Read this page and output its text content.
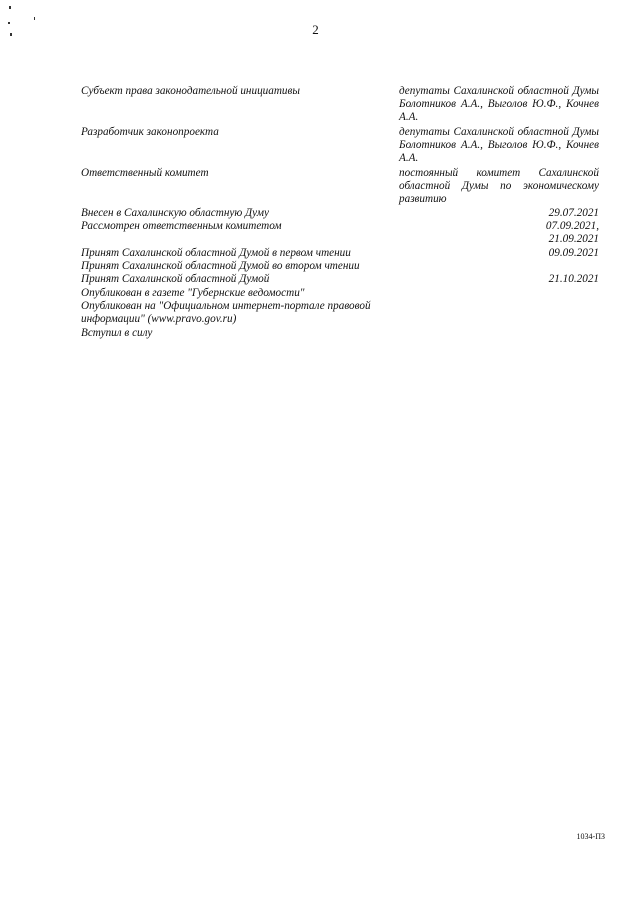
2
Субъект права законодательной инициативы	депутаты Сахалинской областной Думы Болотников А.А., Выголов Ю.Ф., Кочнев А.А.
Разработчик законопроекта	депутаты Сахалинской областной Думы Болотников А.А., Выголов Ю.Ф., Кочнев А.А.
Ответственный комитет	постоянный комитет Сахалинской областной Думы по экономическому развитию
Внесен в Сахалинскую областную Думу	29.07.2021
Рассмотрен ответственным комитетом	07.09.2021,
21.09.2021
Принят Сахалинской областной Думой в первом чтении	09.09.2021
Принят Сахалинской областной Думой во втором чтении
Принят Сахалинской областной Думой	21.10.2021
Опубликован в газете "Губернские ведомости"
Опубликован на "Официальном интернет-портале правовой информации" (www.pravo.gov.ru)
Вступил в силу
1034-ПЗ
